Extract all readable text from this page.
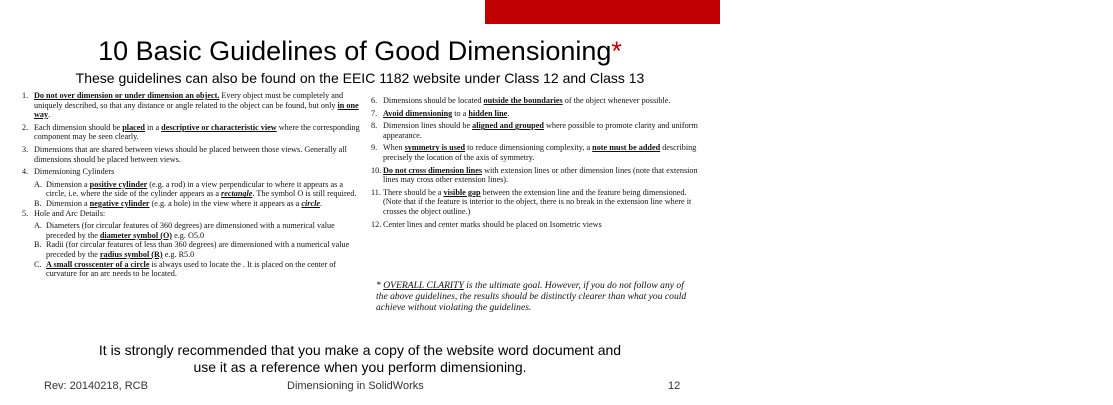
• Engineering 1182
10 Basic Guidelines of Good Dimensioning*
These guidelines can also be found on the EEIC 1182 website under Class 12 and Class 13
1. Do not over dimension or under dimension an object. Every object must be completely and uniquely described, so that any distance or angle related to the object can be found, but only in one way.
2. Each dimension should be placed in a descriptive or characteristic view where the corresponding component may be seen clearly.
3. Dimensions that are shared between views should be placed between those views. Generally all dimensions should be placed between views.
4. Dimensioning Cylinders
A. Dimension a positive cylinder (e.g. a rod) in a view perpendicular to where it appears as a circle, i.e. where the side of the cylinder appears as a rectangle. The symbol O is still required.
B. Dimension a negative cylinder (e.g. a hole) in the view where it appears as a circle.
5. Hole and Arc Details:
A. Diameters (for circular features of 360 degrees) are dimensioned with a numerical value preceded by the diameter symbol (O) e.g. O5.0
B. Radii (for circular features of less than 360 degrees) are dimensioned with a numerical value preceded by the radius symbol (R) e.g. R5.0
C. A small crosscenter of a circle is always used to locate the . It is placed on the center of curvature for an arc needs to be located.
6. Dimensions should be located outside the boundaries of the object whenever possible.
7. Avoid dimensioning to a hidden line.
8. Dimension lines should be aligned and grouped where possible to promote clarity and uniform appearance.
9. When symmetry is used to reduce dimensioning complexity, a note must be added describing precisely the location of the axis of symmetry.
10. Do not cross dimension lines with extension lines or other dimension lines (note that extension lines may cross other extension lines).
11. There should be a visible gap between the extension line and the feature being dimensioned. (Note that if the feature is interior to the object, there is no break in the extension line where it crosses the object outline.)
12. Center lines and center marks should be placed on Isometric views
* OVERALL CLARITY is the ultimate goal. However, if you do not follow any of the above guidelines, the results should be distinctly clearer than what you could achieve without violating the guidelines.
It is strongly recommended that you make a copy of the website word document and use it as a reference when you perform dimensioning.
Rev: 20140218, RCB	Dimensioning in SolidWorks	12
